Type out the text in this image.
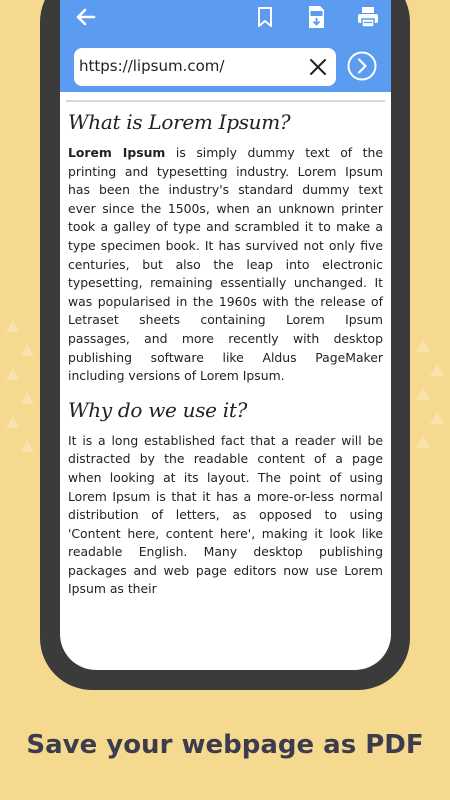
https://lipsum.com/
What is Lorem Ipsum?

Lorem Ipsum is simply dummy text of the printing and typesetting industry. Lorem Ipsum has been the industry's standard dummy text ever since the 1500s, when an unknown printer took a galley of type and scrambled it to make a type specimen book. It has survived not only five centuries, but also the leap into electronic typesetting, remaining essentially unchanged. It was popularised in the 1960s with the release of Letraset sheets containing Lorem Ipsum passages, and more recently with desktop publishing software like Aldus PageMaker including versions of Lorem Ipsum.

Why do we use it?

It is a long established fact that a reader will be distracted by the readable content of a page when looking at its layout. The point of using Lorem Ipsum is that it has a more-or-less normal distribution of letters, as opposed to using 'Content here, content here', making it look like readable English. Many desktop publishing packages and web page editors now use Lorem Ipsum as their

Save your webpage as PDF
